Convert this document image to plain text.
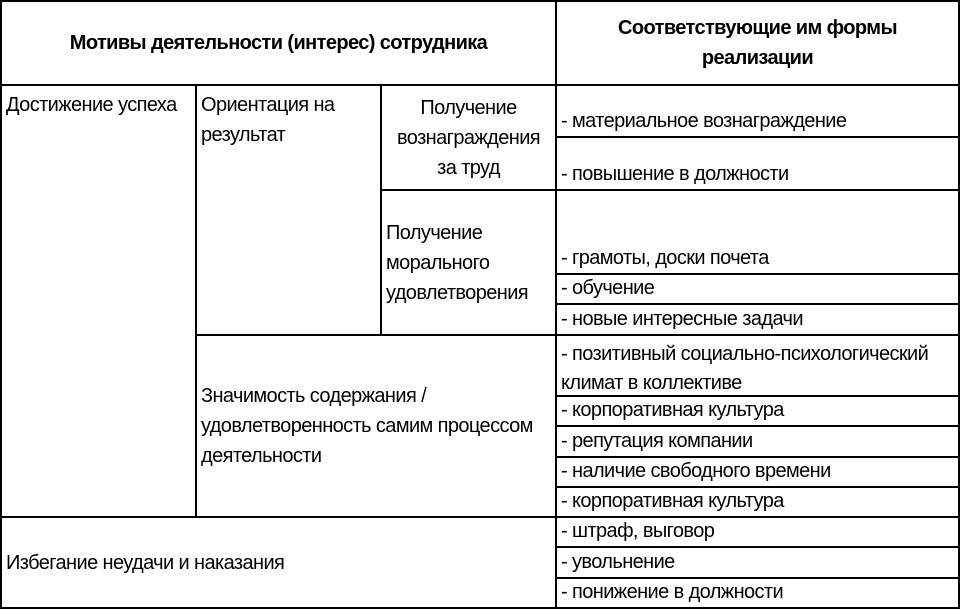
Мотивы деятельности (интерес) сотрудника
Соответствующие им формы реализации
Достижение успеха
Избегание неудачи и наказания
Ориентация на результат
Значимость содержания /удовлетворенность самим процессом деятельности
Получение вознаграждения за труд
Получение морального удовлетворения
- материальное вознаграждение
- повышение в должности
- грамоты, доски почета
- обучение
- новые интересные задачи
- позитивный социально-психологический климат в коллективе
- корпоративная культура
- репутация компании
- наличие свободного времени
- корпоративная культура
- штраф, выговор
- увольнение
- понижение в должности
